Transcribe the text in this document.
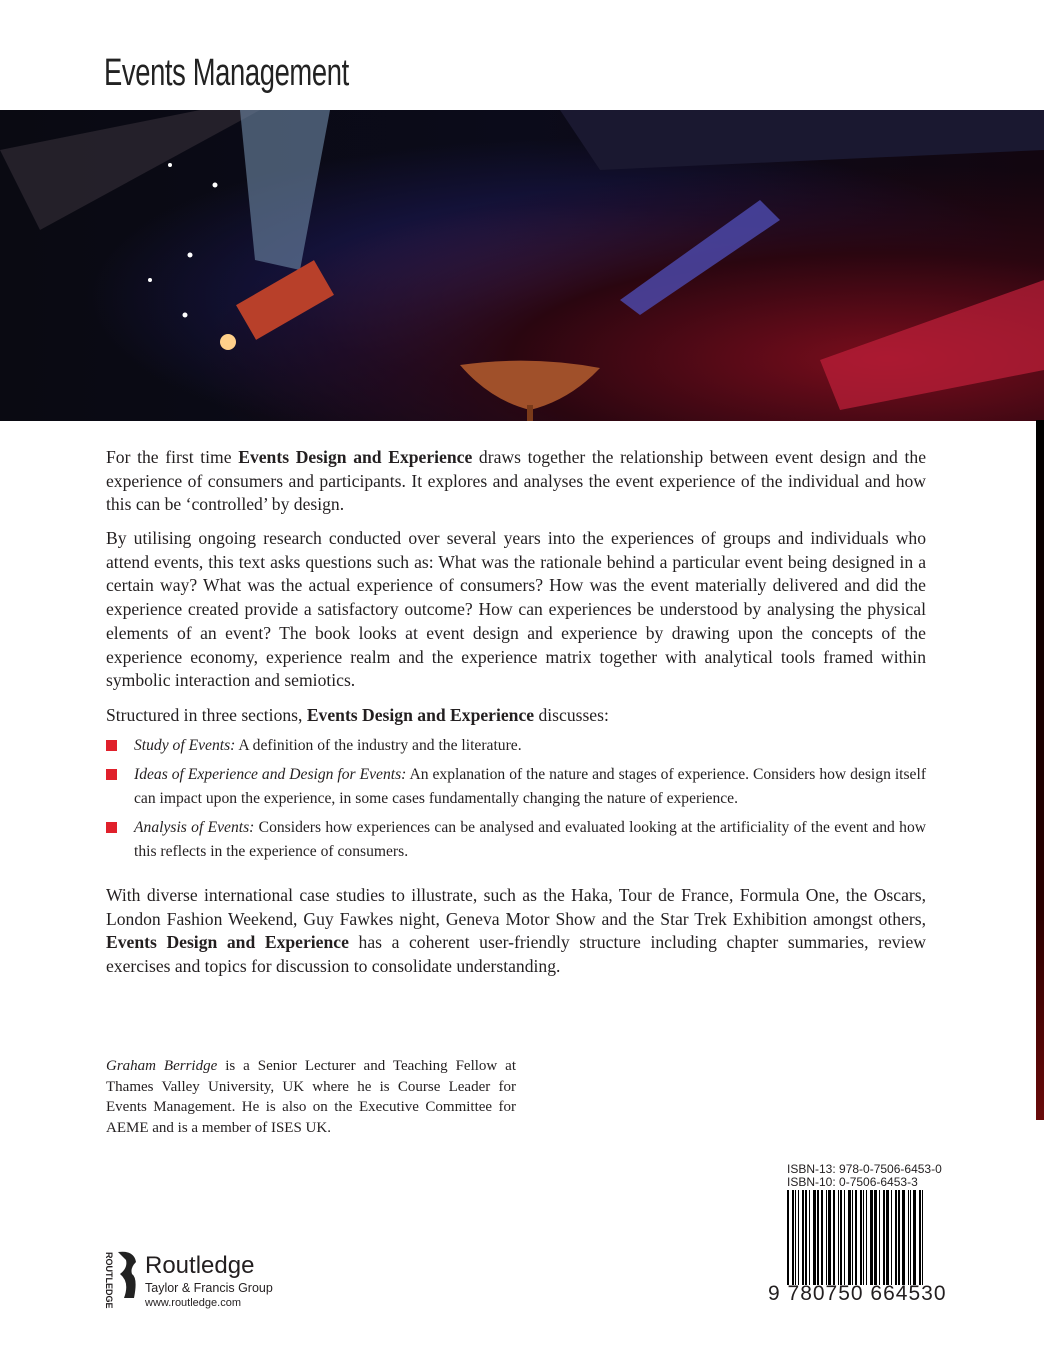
Events Management

For the first time Events Design and Experience draws together the relationship between event design and the experience of consumers and participants. It explores and analyses the event experience of the individual and how this can be ‘controlled’ by design.

By utilising ongoing research conducted over several years into the experiences of groups and individuals who attend events, this text asks questions such as: What was the rationale behind a particular event being designed in a certain way? What was the actual experience of consumers? How was the event materially delivered and did the experience created provide a satisfactory outcome? How can experiences be understood by analysing the physical elements of an event? The book looks at event design and experience by drawing upon the concepts of the experience economy, experience realm and the experience matrix together with analytical tools framed within symbolic interaction and semiotics.

Structured in three sections, Events Design and Experience discusses:

Study of Events: A definition of the industry and the literature.
Ideas of Experience and Design for Events: An explanation of the nature and stages of experience. Considers how design itself can impact upon the experience, in some cases fundamentally changing the nature of experience.
Analysis of Events: Considers how experiences can be analysed and evaluated looking at the artificiality of the event and how this reflects in the experience of consumers.

With diverse international case studies to illustrate, such as the Haka, Tour de France, Formula One, the Oscars, London Fashion Weekend, Guy Fawkes night, Geneva Motor Show and the Star Trek Exhibition amongst others, Events Design and Experience has a coherent user-friendly structure including chapter summaries, review exercises and topics for discussion to consolidate understanding.

Graham Berridge is a Senior Lecturer and Teaching Fellow at Thames Valley University, UK where he is Course Leader for Events Management. He is also on the Executive Committee for AEME and is a member of ISES UK.

ROUTLEDGE Routledge
Taylor & Francis Group
www.routledge.com
ISBN-13: 978-0-7506-6453-0
ISBN-10: 0-7506-6453-3
9 780750 664530
